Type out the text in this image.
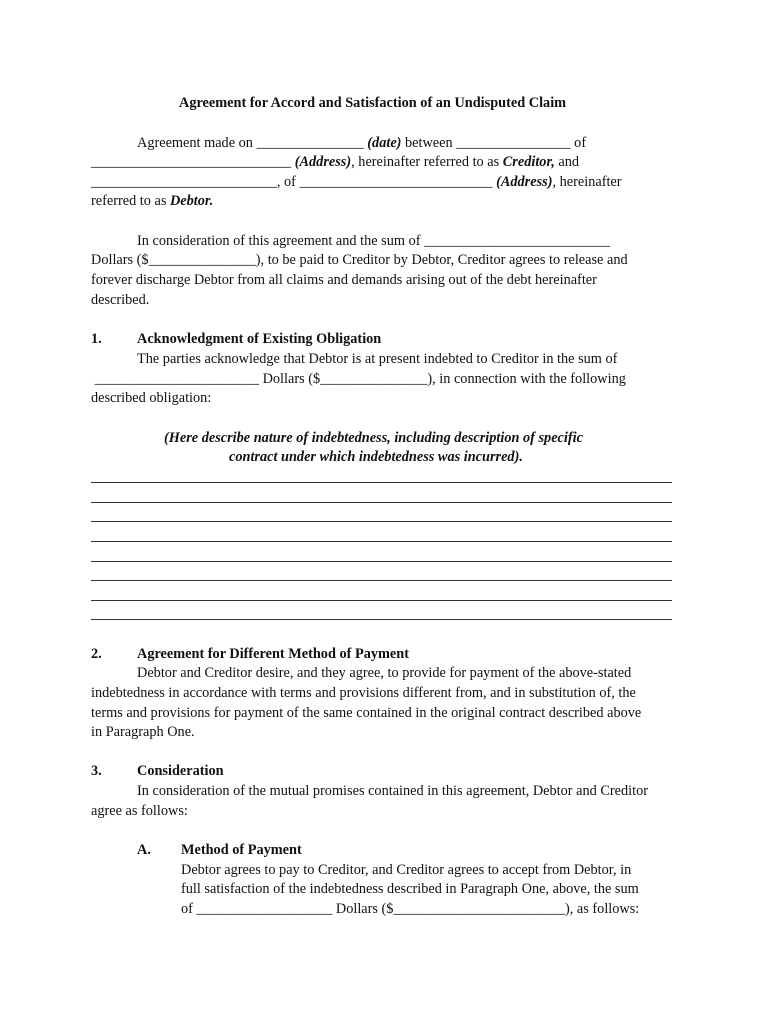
Agreement for Accord and Satisfaction of an Undisputed Claim
Agreement made on _______________ (date) between ________________ of
____________________________ (Address), hereinafter referred to as Creditor, and
__________________________, of ___________________________ (Address), hereinafter
referred to as Debtor.
In consideration of this agreement and the sum of __________________________
Dollars ($_______________), to be paid to Creditor by Debtor, Creditor agrees to release and
forever discharge Debtor from all claims and demands arising out of the debt hereinafter
described.
1. Acknowledgment of Existing Obligation
The parties acknowledge that Debtor is at present indebted to Creditor in the sum of
_______________________ Dollars ($_______________), in connection with the following
described obligation:
(Here describe nature of indebtedness, including description of specific
contract under which indebtedness was incurred).
2. Agreement for Different Method of Payment
Debtor and Creditor desire, and they agree, to provide for payment of the above-stated
indebtedness in accordance with terms and provisions different from, and in substitution of, the
terms and provisions for payment of the same contained in the original contract described above
in Paragraph One.
3. Consideration
In consideration of the mutual promises contained in this agreement, Debtor and Creditor
agree as follows:
A. Method of Payment
Debtor agrees to pay to Creditor, and Creditor agrees to accept from Debtor, in
full satisfaction of the indebtedness described in Paragraph One, above, the sum
of ___________________ Dollars ($________________________), as follows:
